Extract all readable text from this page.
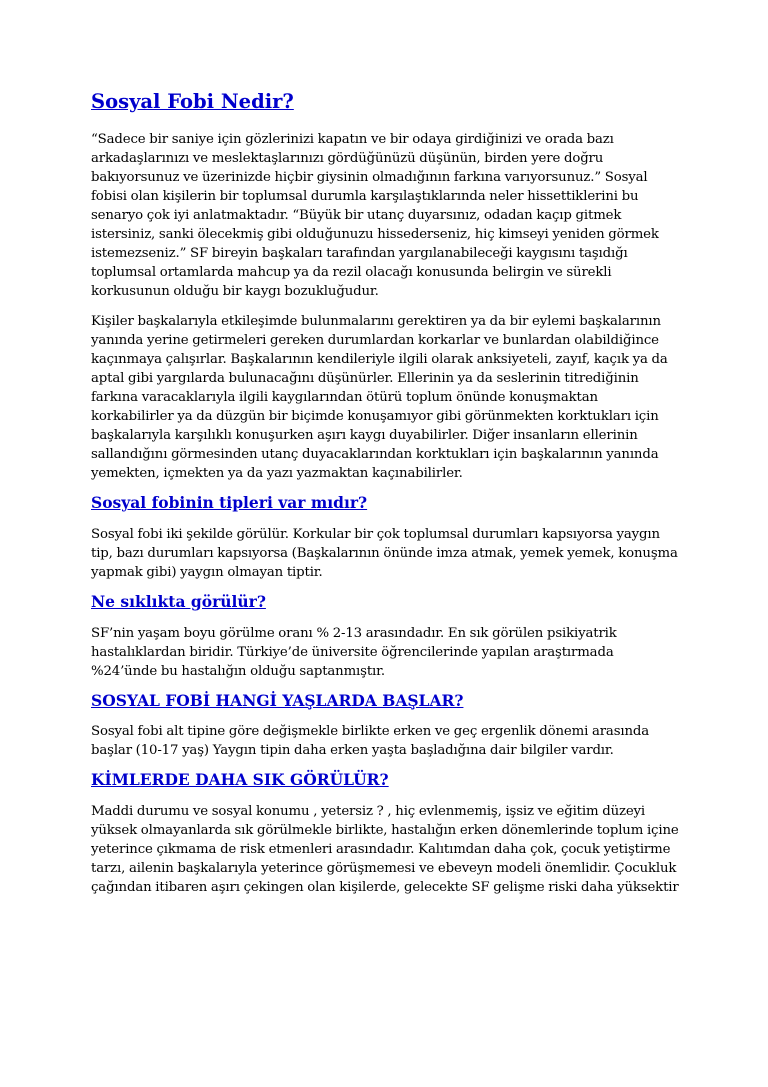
Sosyal Fobi Nedir?

“Sadece bir saniye için gözlerinizi kapatın ve bir odaya girdiğinizi ve orada bazı arkadaşlarınızı ve meslektaşlarınızı gördüğünüzü düşünün, birden yere doğru bakıyorsunuz ve üzerinizde hiçbir giysinin olmadığının farkına varıyorsunuz.” Sosyal fobisi olan kişilerin bir toplumsal durumla karşılaştıklarında neler hissettiklerini bu senaryo çok iyi anlatmaktadır. “Büyük bir utanç duyarsınız, odadan kaçıp gitmek istersiniz, sanki ölecekmiş gibi olduğunuzu hissederseniz, hiç kimseyi yeniden görmek istemezseniz.” SF bireyin başkaları tarafından yargılanabileceği kaygısını taşıdığı toplumsal ortamlarda mahcup ya da rezil olacağı konusunda belirgin ve sürekli korkusunun olduğu bir kaygı bozukluğudur.

Kişiler başkalarıyla etkileşimde bulunmalarını gerektiren ya da bir eylemi başkalarının yanında yerine getirmeleri gereken durumlardan korkarlar ve bunlardan olabildiğince kaçınmaya çalışırlar. Başkalarının kendileriyle ilgili olarak anksiyeteli, zayıf, kaçık ya da aptal gibi yargılarda bulunacağını düşünürler. Ellerinin ya da seslerinin titrediğinin farkına varacaklarıyla ilgili kaygılarından ötürü toplum önünde konuşmaktan korkabilirler ya da düzgün bir biçimde konuşamıyor gibi görünmekten korktukları için başkalarıyla karşılıklı konuşurken aşırı kaygı duyabilirler. Diğer insanların ellerinin sallandığını görmesinden utanç duyacaklarından korktukları için başkalarının yanında yemekten, içmekten ya da yazı yazmaktan kaçınabilirler.

Sosyal fobinin tipleri var mıdır?

Sosyal fobi iki şekilde görülür. Korkular bir çok toplumsal durumları kapsıyorsa yaygın tip, bazı durumları kapsıyorsa (Başkalarının önünde imza atmak, yemek yemek, konuşma yapmak gibi) yaygın olmayan tiptir.

Ne sıklıkta görülür?

SF’nin yaşam boyu görülme oranı % 2-13 arasındadır. En sık görülen psikiyatrik hastalıklardan biridir. Türkiye’de üniversite öğrencilerinde yapılan araştırmada %24’ünde bu hastalığın olduğu saptanmıştır.

SOSYAL FOBİ HANGİ YAŞLARDA BAŞLAR?

Sosyal fobi alt tipine göre değişmekle birlikte erken ve geç ergenlik dönemi arasında başlar (10-17 yaş) Yaygın tipin daha erken yaşta başladığına dair bilgiler vardır.

KİMLERDE DAHA SIK GÖRÜLÜR?

Maddi durumu ve sosyal konumu , yetersiz ? , hiç evlenmemiş, işsiz ve eğitim düzeyi yüksek olmayanlarda sık görülmekle birlikte, hastalığın erken dönemlerinde toplum içine yeterince çıkmama de risk etmenleri arasındadır. Kalıtımdan daha çok, çocuk yetiştirme tarzı, ailenin başkalarıyla yeterince görüşmemesi ve ebeveyn modeli önemlidir. Çocukluk çağından itibaren aşırı çekingen olan kişilerde, gelecekte SF gelişme riski daha yüksektir
